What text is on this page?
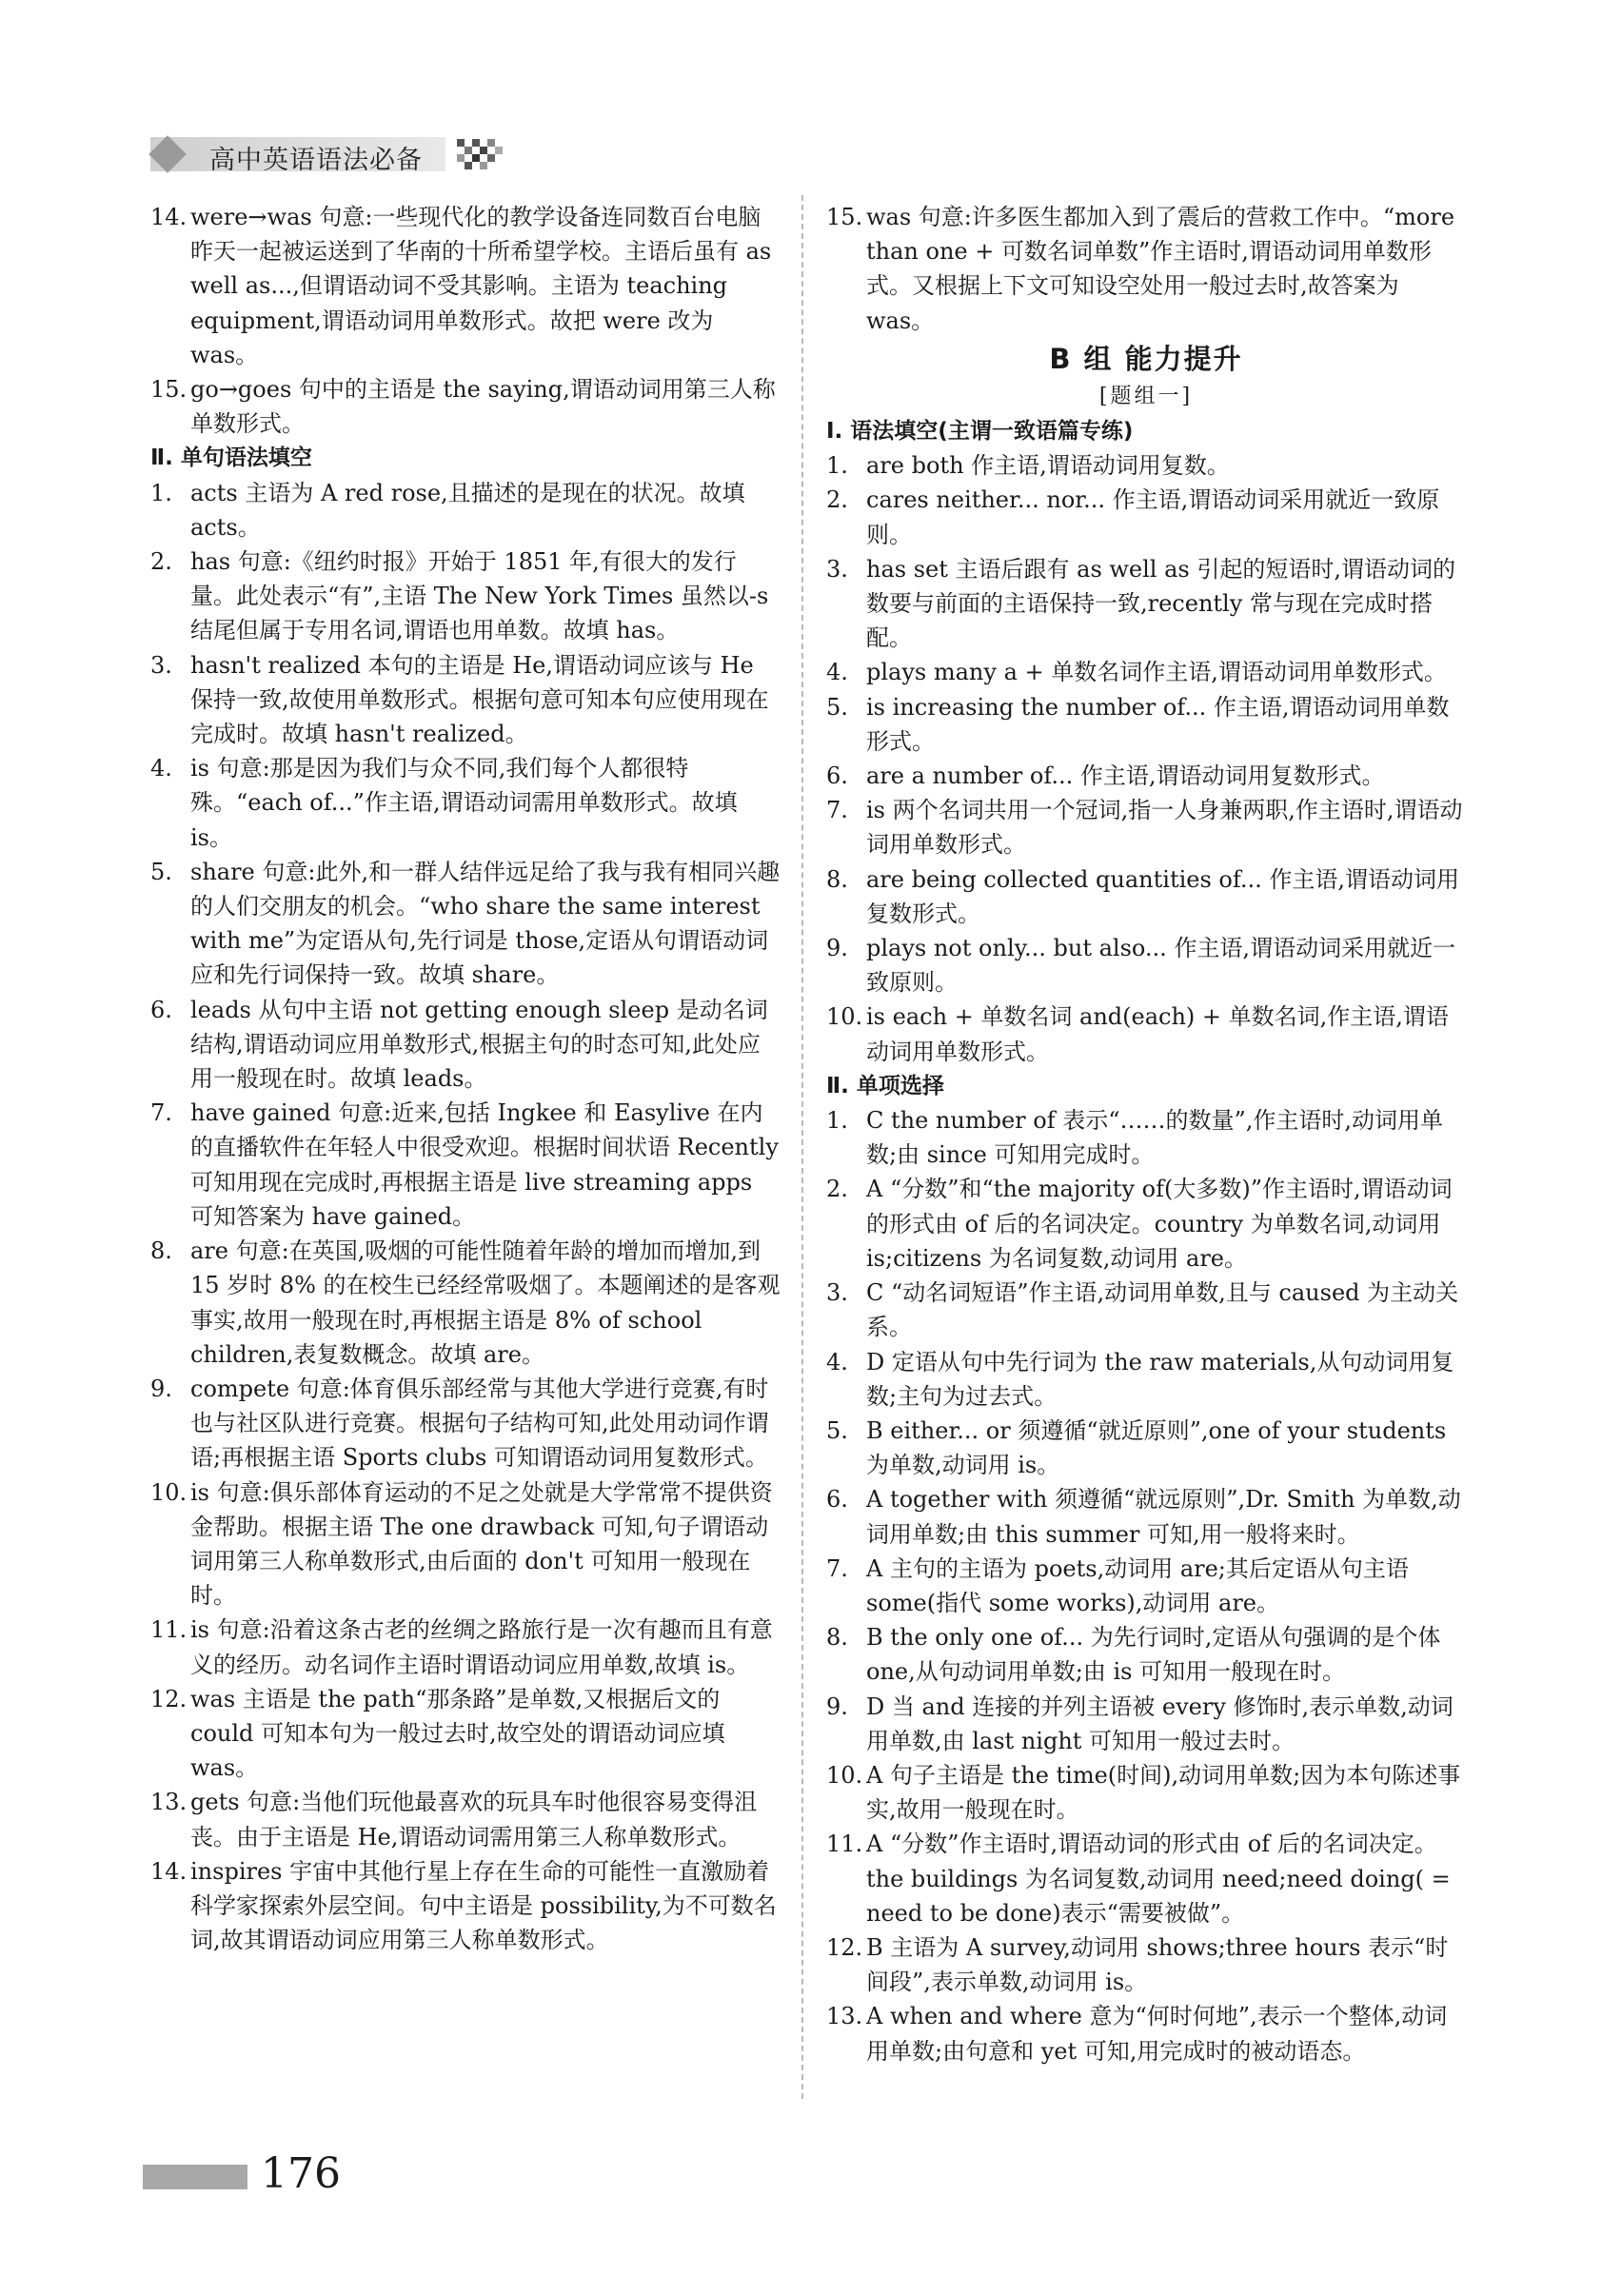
高中英语语法必备

14. were→was 句意:一些现代化的教学设备连同数百台电脑昨天一起被运送到了华南的十所希望学校。主语后虽有 as well as...,但谓语动词不受其影响。主语为 teaching equipment,谓语动词用单数形式。故把 were 改为 was。

15. go→goes 句中的主语是 the saying,谓语动词用第三人称单数形式。

Ⅱ. 单句语法填空

1. acts 主语为 A red rose,且描述的是现在的状况。故填 acts。

2. has 句意:《纽约时报》开始于 1851 年,有很大的发行量。此处表示“有”,主语 The New York Times 虽然以-s 结尾但属于专用名词,谓语也用单数。故填 has。

3. hasn't realized 本句的主语是 He,谓语动词应该与 He 保持一致,故使用单数形式。根据句意可知本句应使用现在完成时。故填 hasn't realized。

4. is 句意:那是因为我们与众不同,我们每个人都很特殊。“each of...”作主语,谓语动词需用单数形式。故填 is。

5. share 句意:此外,和一群人结伴远足给了我与我有相同兴趣的人们交朋友的机会。“who share the same interest with me”为定语从句,先行词是 those,定语从句谓语动词应和先行词保持一致。故填 share。

6. leads 从句中主语 not getting enough sleep 是动名词结构,谓语动词应用单数形式,根据主句的时态可知,此处应用一般现在时。故填 leads。

7. have gained 句意:近来,包括 Ingkee 和 Easylive 在内的直播软件在年轻人中很受欢迎。根据时间状语 Recently 可知用现在完成时,再根据主语是 live streaming apps 可知答案为 have gained。

8. are 句意:在英国,吸烟的可能性随着年龄的增加而增加,到 15 岁时 8% 的在校生已经经常吸烟了。本题阐述的是客观事实,故用一般现在时,再根据主语是 8% of school children,表复数概念。故填 are。

9. compete 句意:体育俱乐部经常与其他大学进行竞赛,有时也与社区队进行竞赛。根据句子结构可知,此处用动词作谓语;再根据主语 Sports clubs 可知谓语动词用复数形式。

10. is 句意:俱乐部体育运动的不足之处就是大学常常不提供资金帮助。根据主语 The one drawback 可知,句子谓语动词用第三人称单数形式,由后面的 don't 可知用一般现在时。

11. is 句意:沿着这条古老的丝绸之路旅行是一次有趣而且有意义的经历。动名词作主语时谓语动词应用单数,故填 is。

12. was 主语是 the path“那条路”是单数,又根据后文的 could 可知本句为一般过去时,故空处的谓语动词应填 was。

13. gets 句意:当他们玩他最喜欢的玩具车时他很容易变得沮丧。由于主语是 He,谓语动词需用第三人称单数形式。

14. inspires 宇宙中其他行星上存在生命的可能性一直激励着科学家探索外层空间。句中主语是 possibility,为不可数名词,故其谓语动词应用第三人称单数形式。

15. was 句意:许多医生都加入到了震后的营救工作中。“more than one + 可数名词单数”作主语时,谓语动词用单数形式。又根据上下文可知设空处用一般过去时,故答案为 was。

B 组 能力提升

[题组一]

Ⅰ. 语法填空(主谓一致语篇专练)

1. are both 作主语,谓语动词用复数。

2. cares neither... nor... 作主语,谓语动词采用就近一致原则。

3. has set 主语后跟有 as well as 引起的短语时,谓语动词的数要与前面的主语保持一致,recently 常与现在完成时搭配。

4. plays many a + 单数名词作主语,谓语动词用单数形式。

5. is increasing the number of... 作主语,谓语动词用单数形式。

6. are a number of... 作主语,谓语动词用复数形式。

7. is 两个名词共用一个冠词,指一人身兼两职,作主语时,谓语动词用单数形式。

8. are being collected quantities of... 作主语,谓语动词用复数形式。

9. plays not only... but also... 作主语,谓语动词采用就近一致原则。

10. is each + 单数名词 and(each) + 单数名词,作主语,谓语动词用单数形式。

Ⅱ. 单项选择

1. C the number of 表示“……的数量”,作主语时,动词用单数;由 since 可知用完成时。

2. A “分数”和“the majority of(大多数)”作主语时,谓语动词的形式由 of 后的名词决定。country 为单数名词,动词用 is;citizens 为名词复数,动词用 are。

3. C “动名词短语”作主语,动词用单数,且与 caused 为主动关系。

4. D 定语从句中先行词为 the raw materials,从句动词用复数;主句为过去式。

5. B either... or 须遵循“就近原则”,one of your students 为单数,动词用 is。

6. A together with 须遵循“就远原则”,Dr. Smith 为单数,动词用单数;由 this summer 可知,用一般将来时。

7. A 主句的主语为 poets,动词用 are;其后定语从句主语 some(指代 some works),动词用 are。

8. B the only one of... 为先行词时,定语从句强调的是个体 one,从句动词用单数;由 is 可知用一般现在时。

9. D 当 and 连接的并列主语被 every 修饰时,表示单数,动词用单数,由 last night 可知用一般过去时。

10. A 句子主语是 the time(时间),动词用单数;因为本句陈述事实,故用一般现在时。

11. A “分数”作主语时,谓语动词的形式由 of 后的名词决定。the buildings 为名词复数,动词用 need;need doing( = need to be done)表示“需要被做”。

12. B 主语为 A survey,动词用 shows;three hours 表示“时间段”,表示单数,动词用 is。

13. A when and where 意为“何时何地”,表示一个整体,动词用单数;由句意和 yet 可知,用完成时的被动语态。

176
